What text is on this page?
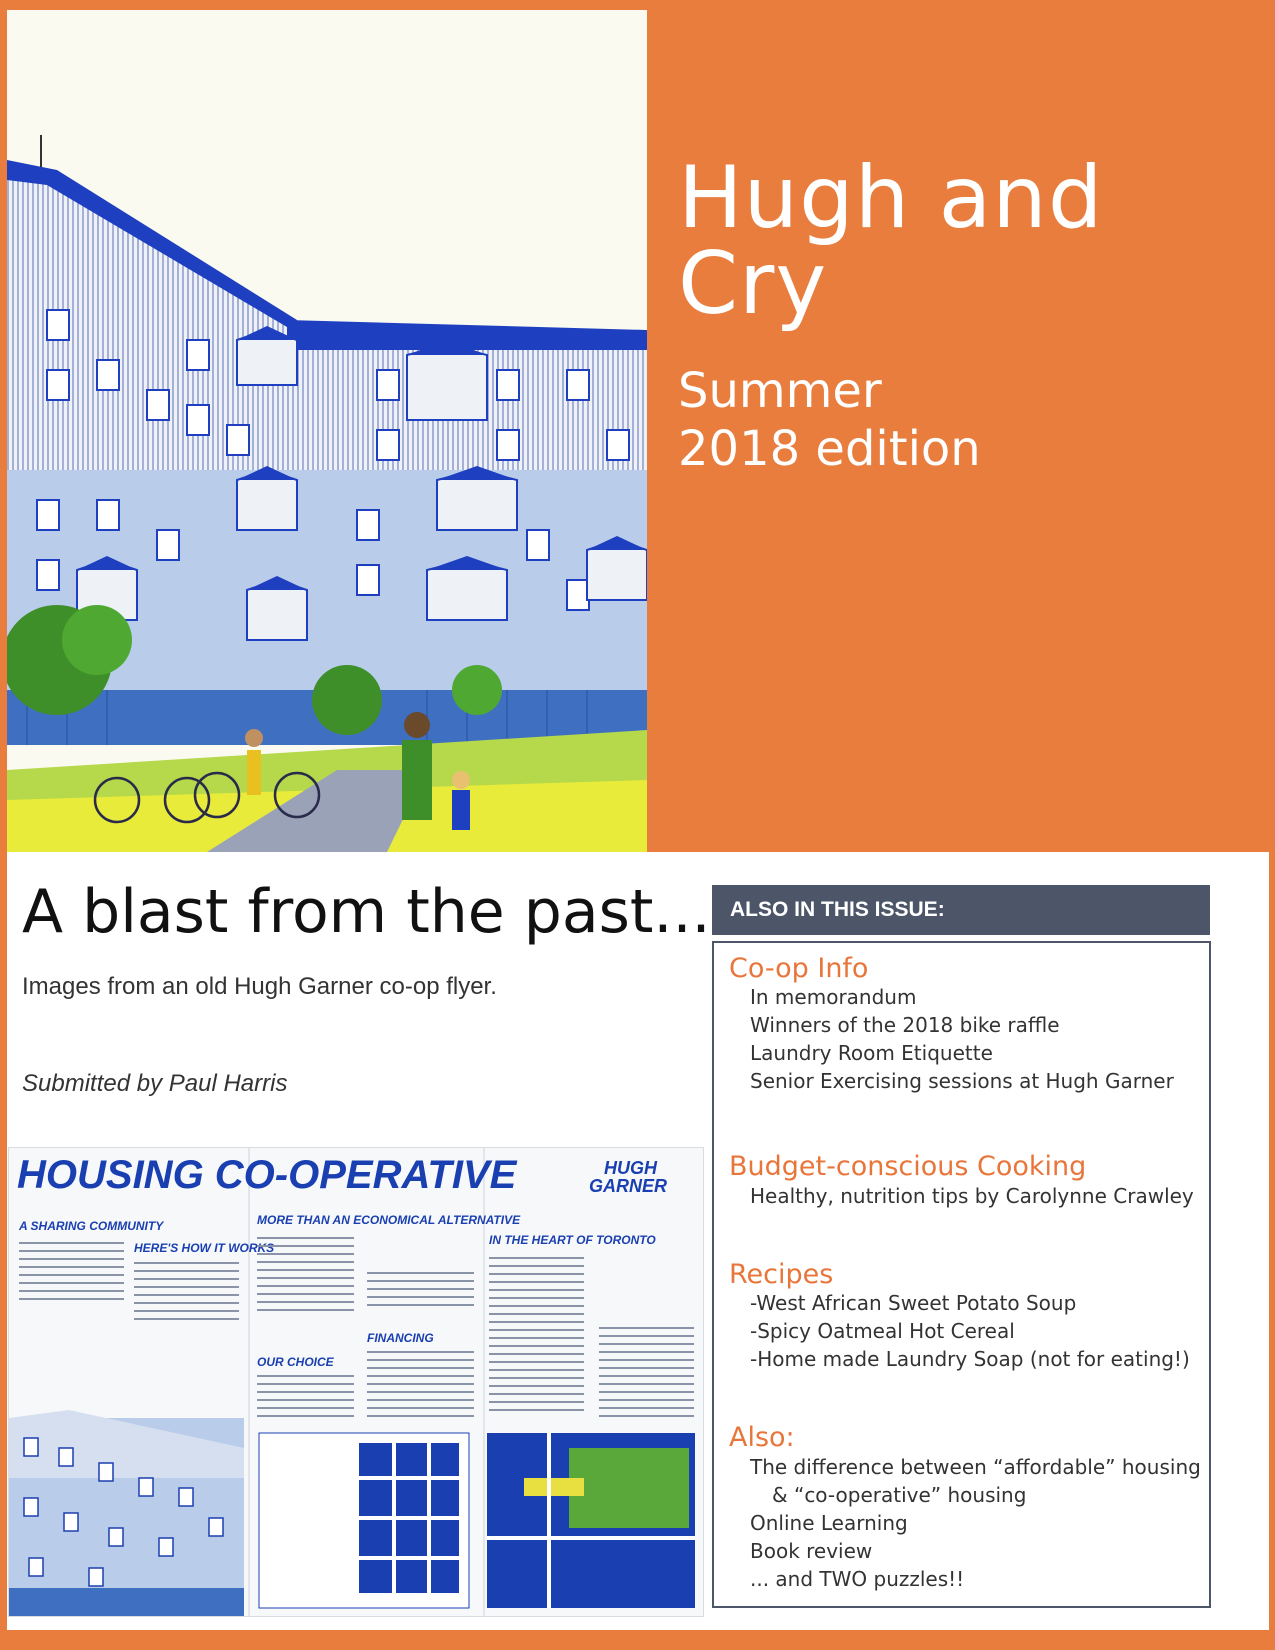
Hugh and Cry
Summer
2018 edition
A blast from the past...
Images from an old Hugh Garner co-op flyer.
Submitted by Paul Harris
HOUSING CO-OPERATIVE	HUGH
GARNER
A SHARING COMMUNITY
HERE'S HOW IT WORKS
MORE THAN AN ECONOMICAL ALTERNATIVE
OUR CHOICE
FINANCING
IN THE HEART OF TORONTO
ALSO IN THIS ISSUE:
Co-op Info
In memorandum
Winners of the 2018 bike raffle
Laundry Room Etiquette
Senior Exercising sessions at Hugh Garner
Budget-conscious Cooking
Healthy, nutrition tips by Carolynne Crawley
Recipes
-West African Sweet Potato Soup
-Spicy Oatmeal Hot Cereal
-Home made Laundry Soap (not for eating!)
Also:
The difference between “affordable” housing
& “co-operative” housing
Online Learning
Book review
... and TWO puzzles!!
